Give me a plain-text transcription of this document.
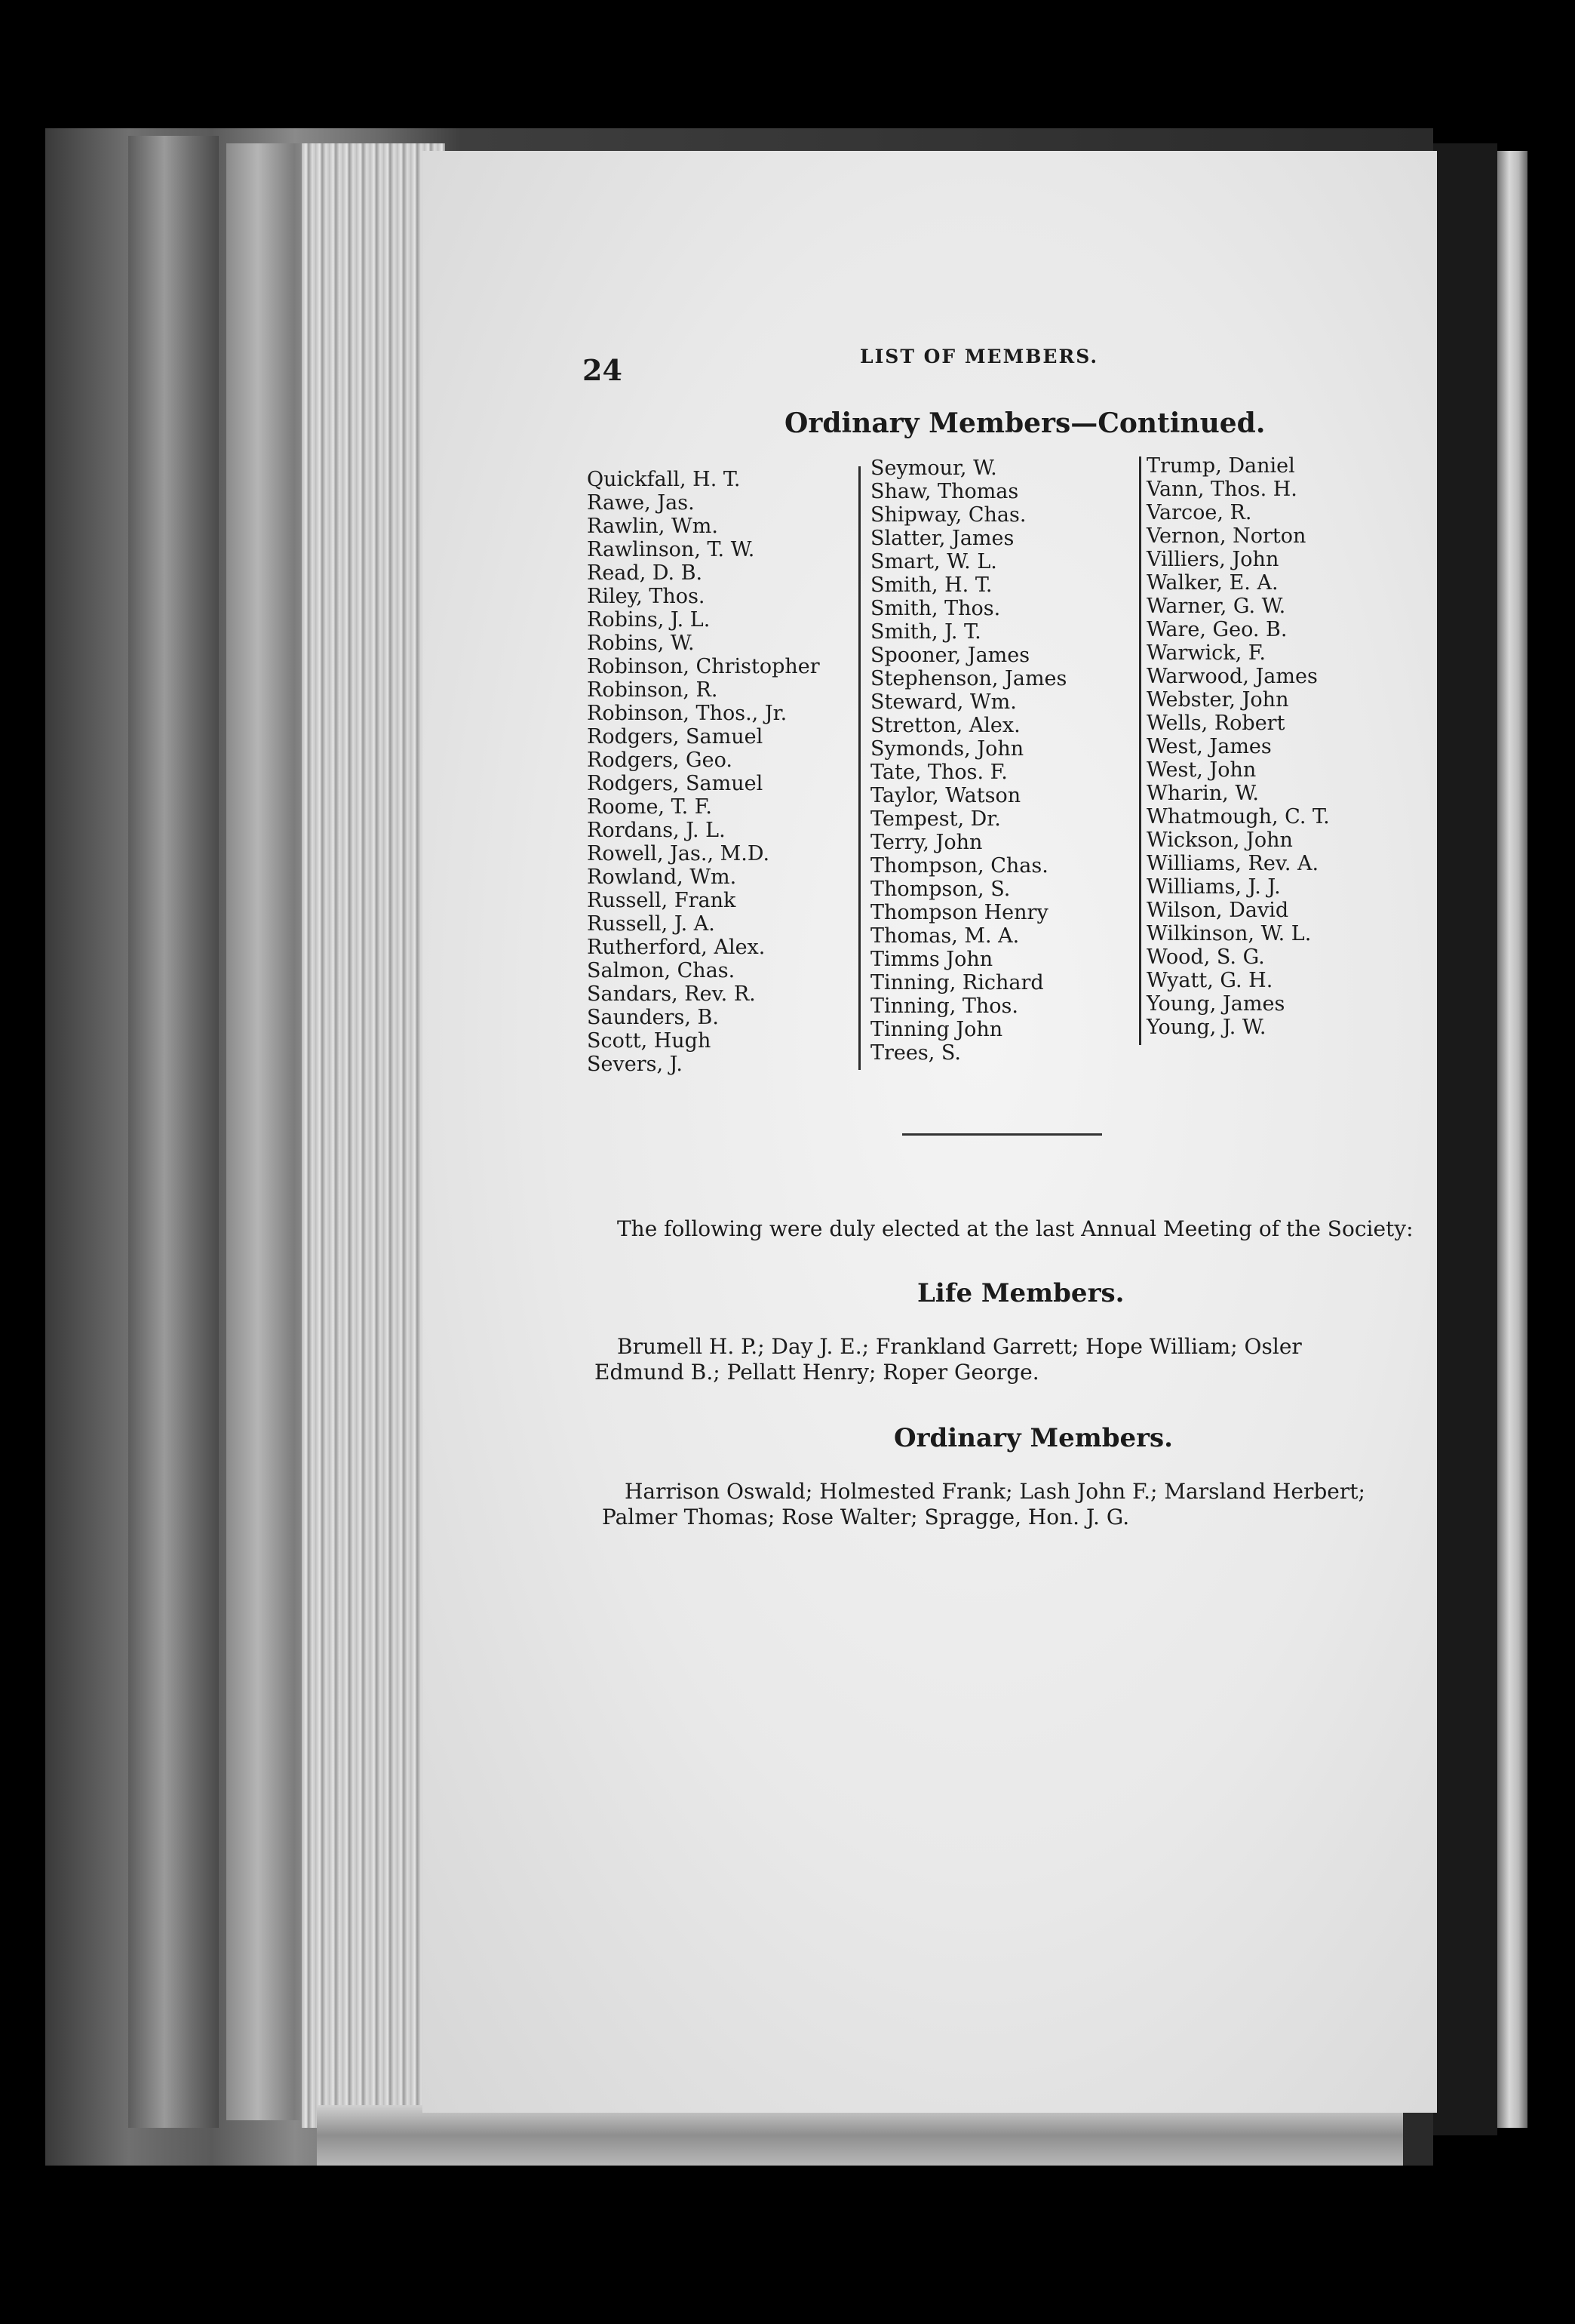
24	LIST OF MEMBERS.
Ordinary Members—Continued.
Quickfall, H. T.
Rawe, Jas.
Rawlin, Wm.
Rawlinson, T. W.
Read, D. B.
Riley, Thos.
Robins, J. L.
Robins, W.
Robinson, Christopher
Robinson, R.
Robinson, Thos., Jr.
Rodgers, Samuel
Rodgers, Geo.
Rodgers, Samuel
Roome, T. F.
Rordans, J. L.
Rowell, Jas., M.D.
Rowland, Wm.
Russell, Frank
Russell, J. A.
Rutherford, Alex.
Salmon, Chas.
Sandars, Rev. R.
Saunders, B.
Scott, Hugh
Severs, J.
Seymour, W.
Shaw, Thomas
Shipway, Chas.
Slatter, James
Smart, W. L.
Smith, H. T.
Smith, Thos.
Smith, J. T.
Spooner, James
Stephenson, James
Steward, Wm.
Stretton, Alex.
Symonds, John
Tate, Thos. F.
Taylor, Watson
Tempest, Dr.
Terry, John
Thompson, Chas.
Thompson, S.
Thompson Henry
Thomas, M. A.
Timms John
Tinning, Richard
Tinning, Thos.
Tinning John
Trees, S.
Trump, Daniel
Vann, Thos. H.
Varcoe, R.
Vernon, Norton
Villiers, John
Walker, E. A.
Warner, G. W.
Ware, Geo. B.
Warwick, F.
Warwood, James
Webster, John
Wells, Robert
West, James
West, John
Wharin, W.
Whatmough, C. T.
Wickson, John
Williams, Rev. A.
Williams, J. J.
Wilson, David
Wilkinson, W. L.
Wood, S. G.
Wyatt, G. H.
Young, James
Young, J. W.
The following were duly elected at the last Annual Meeting of the Society:
Life Members.
Brumell H. P.; Day J. E.; Frankland Garrett; Hope William; Osler
Edmund B.; Pellatt Henry; Roper George.
Ordinary Members.
Harrison Oswald; Holmested Frank; Lash John F.; Marsland Herbert;
Palmer Thomas; Rose Walter; Spragge, Hon. J. G.
